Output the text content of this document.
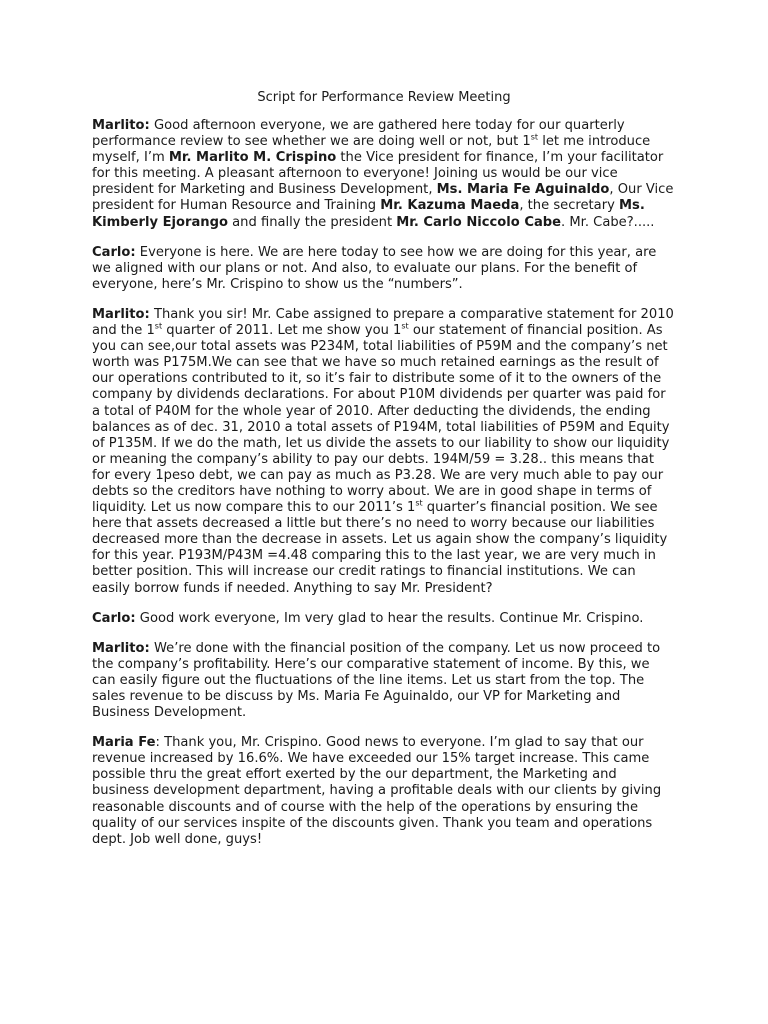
Script for Performance Review Meeting

Marlito: Good afternoon everyone, we are gathered here today for our quarterly performance review to see whether we are doing well or not, but 1st let me introduce myself, I’m Mr. Marlito M. Crispino the Vice president for finance, I’m your facilitator for this meeting. A pleasant afternoon to everyone! Joining us would be our vice president for Marketing and Business Development, Ms. Maria Fe Aguinaldo, Our Vice president for Human Resource and Training Mr. Kazuma Maeda, the secretary Ms. Kimberly Ejorango and finally the president Mr. Carlo Niccolo Cabe. Mr. Cabe?.....

Carlo: Everyone is here. We are here today to see how we are doing for this year, are we aligned with our plans or not. And also, to evaluate our plans. For the benefit of everyone, here’s Mr. Crispino to show us the “numbers”.

Marlito: Thank you sir! Mr. Cabe assigned to prepare a comparative statement for 2010 and the 1st quarter of 2011. Let me show you 1st our statement of financial position. As you can see,our total assets was P234M, total liabilities of P59M and the company’s net worth was P175M.We can see that we have so much retained earnings as the result of our operations contributed to it, so it’s fair to distribute some of it to the owners of the company by dividends declarations. For about P10M dividends per quarter was paid for a total of P40M for the whole year of 2010. After deducting the dividends, the ending balances as of dec. 31, 2010 a total assets of P194M, total liabilities of P59M and Equity of P135M. If we do the math, let us divide the assets to our liability to show our liquidity or meaning the company’s ability to pay our debts. 194M/59 = 3.28.. this means that for every 1peso debt, we can pay as much as P3.28. We are very much able to pay our debts so the creditors have nothing to worry about. We are in good shape in terms of liquidity. Let us now compare this to our 2011’s 1st quarter’s financial position. We see here that assets decreased a little but there’s no need to worry because our liabilities decreased more than the decrease in assets. Let us again show the company’s liquidity for this year. P193M/P43M =4.48 comparing this to the last year, we are very much in better position. This will increase our credit ratings to financial institutions. We can easily borrow funds if needed. Anything to say Mr. President?

Carlo: Good work everyone, Im very glad to hear the results. Continue Mr. Crispino.

Marlito: We’re done with the financial position of the company. Let us now proceed to the company’s profitability. Here’s our comparative statement of income. By this, we can easily figure out the fluctuations of the line items. Let us start from the top. The sales revenue to be discuss by Ms. Maria Fe Aguinaldo, our VP for Marketing and Business Development.

Maria Fe: Thank you, Mr. Crispino. Good news to everyone. I’m glad to say that our revenue increased by 16.6%. We have exceeded our 15% target increase. This came possible thru the great effort exerted by the our department, the Marketing and business development department, having a profitable deals with our clients by giving reasonable discounts and of course with the help of the operations by ensuring the quality of our services inspite of the discounts given. Thank you team and operations dept. Job well done, guys!
